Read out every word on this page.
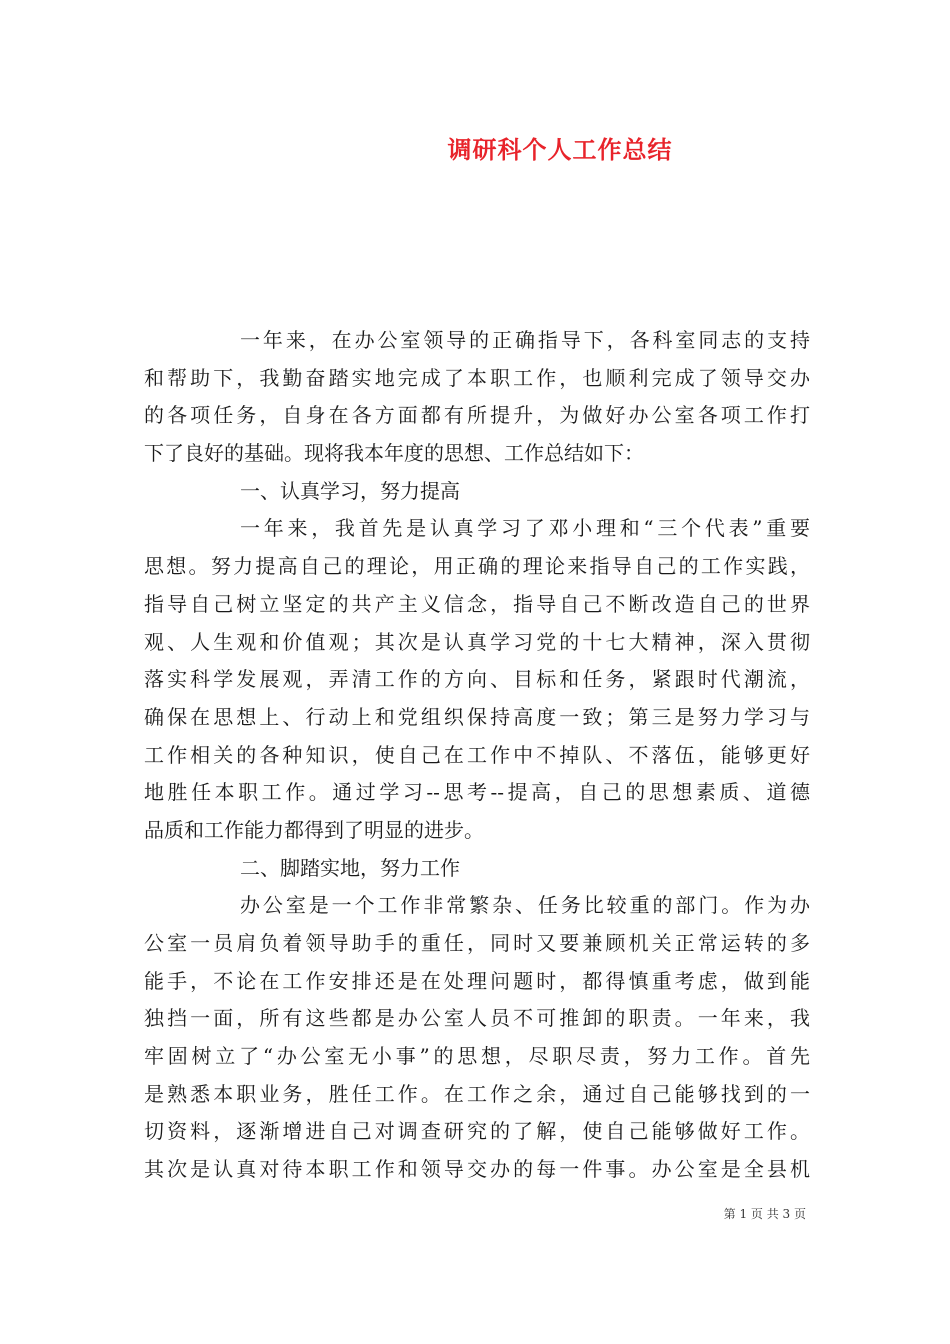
调研科个人工作总结
一年来，在办公室领导的正确指导下，各科室同志的支持
和帮助下，我勤奋踏实地完成了本职工作，也顺利完成了领导交办
的各项任务，自身在各方面都有所提升，为做好办公室各项工作打
下了良好的基础。现将我本年度的思想、工作总结如下：
一、认真学习，努力提高
一年来，我首先是认真学习了邓小理和“三个代表”重要
思想。努力提高自己的理论，用正确的理论来指导自己的工作实践，
指导自己树立坚定的共产主义信念，指导自己不断改造自己的世界
观、人生观和价值观；其次是认真学习党的十七大精神，深入贯彻
落实科学发展观，弄清工作的方向、目标和任务，紧跟时代潮流，
确保在思想上、行动上和党组织保持高度一致；第三是努力学习与
工作相关的各种知识，使自己在工作中不掉队、不落伍，能够更好
地胜任本职工作。通过学习--思考--提高，自己的思想素质、道德
品质和工作能力都得到了明显的进步。
二、脚踏实地，努力工作
办公室是一个工作非常繁杂、任务比较重的部门。作为办
公室一员肩负着领导助手的重任，同时又要兼顾机关正常运转的多
能手，不论在工作安排还是在处理问题时，都得慎重考虑，做到能
独挡一面，所有这些都是办公室人员不可推卸的职责。一年来，我
牢固树立了“办公室无小事”的思想，尽职尽责，努力工作。首先
是熟悉本职业务，胜任工作。在工作之余，通过自己能够找到的一
切资料，逐渐增进自己对调查研究的了解，使自己能够做好工作。
其次是认真对待本职工作和领导交办的每一件事。办公室是全县机
第 1 页 共 3 页
